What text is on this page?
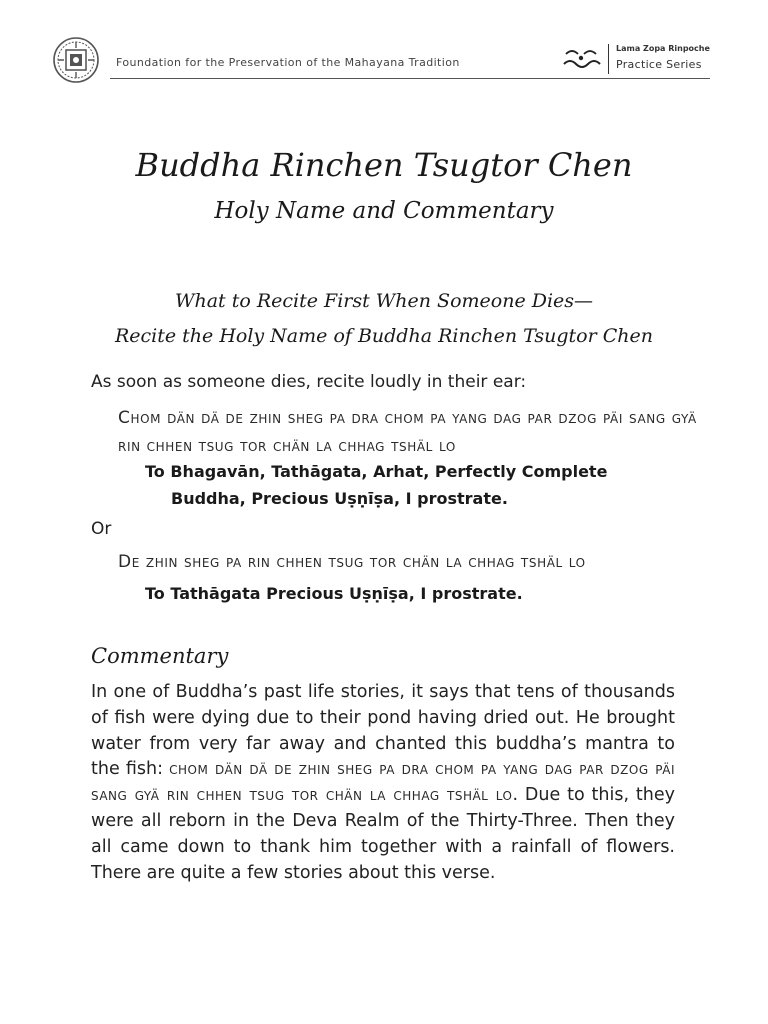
Foundation for the Preservation of the Mahayana Tradition
Lama Zopa Rinpoche
Practice Series
Buddha Rinchen Tsugtor Chen
Holy Name and Commentary
What to Recite First When Someone Dies—
Recite the Holy Name of Buddha Rinchen Tsugtor Chen
As soon as someone dies, recite loudly in their ear:
Chom dän dä de zhin sheg pa dra chom pa yang dag par dzog päi sang gyä rin chhen tsug tor chän la chhag tshäl lo
To Bhagavān, Tathāgata, Arhat, Perfectly Complete
Buddha, Precious Uṣṇīṣa, I prostrate.
Or
De zhin sheg pa rin chhen tsug tor chän la chhag tshäl lo
To Tathāgata Precious Uṣṇīṣa, I prostrate.
Commentary

In one of Buddha’s past life stories, it says that tens of thousands of fish were dying due to their pond having dried out. He brought water from very far away and chanted this buddha’s mantra to the fish: chom dän dä de zhin sheg pa dra chom pa yang dag par dzog päi sang gyä rin chhen tsug tor chän la chhag tshäl lo. Due to this, they were all reborn in the Deva Realm of the Thirty-Three. Then they all came down to thank him together with a rainfall of flowers. There are quite a few stories about this verse.
